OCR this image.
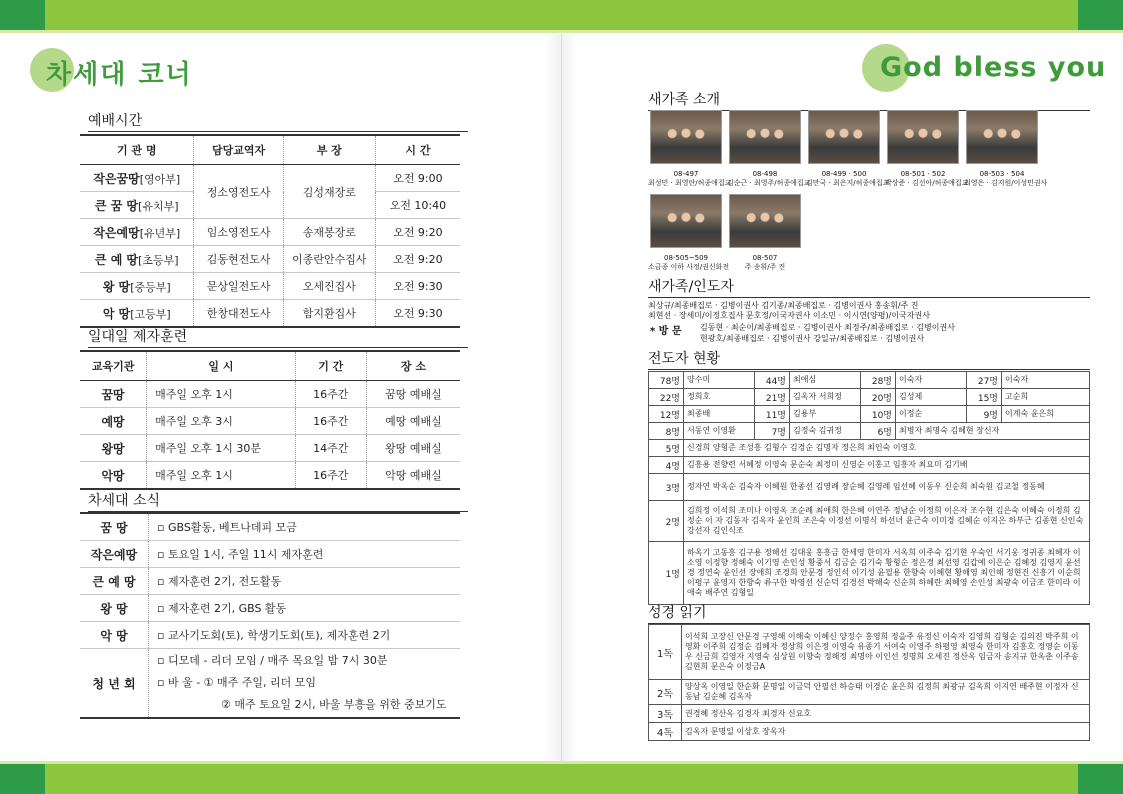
차세대 코너	God bless you
예배시간
기 관 명	담당교역자	부 장	시 간
작은꿈땅[영아부]	정소영전도사	김성재장로	오전 9:00
큰 꿈 땅[유치부]			오전 10:40
작은예땅[유년부]	임소영전도사	송재봉장로	오전 9:20
큰 예 땅[초등부]	김동현전도사	이종란안수집사	오전 9:20
왕 땅[중등부]	문상일전도사	오세진집사	오전 9:30
악 땅[고등부]	한창대전도사	함지환집사	오전 9:30
일대일 제자훈련
교육기관	일 시	기 간	장 소
꿈땅	매주일 오후 1시	16주간	꿈땅 예배실
예땅	매주일 오후 3시	16주간	예땅 예배실
왕땅	매주일 오후 1시 30분	14주간	왕땅 예배실
악땅	매주일 오후 1시	16주간	악땅 예배실
차세대 소식
꿈 땅	▫ GBS활동, 베트나데피 모금
작은예땅	▫ 토요일 1시, 주일 11시 제자훈련
큰 예 땅	▫ 제자훈련 2기, 전도활동
왕 땅	▫ 제자훈련 2기, GBS 활동
악 땅	▫ 교사기도회(토), 학생기도회(토), 제자훈련 2기
청 년 회	▫ 디모데 - 리더 모임 / 매주 목요일 밤 7시 30분
▫ 바 울 - ① 매주 주일, 리더 모임
② 매주 토요일 2시, 바울 부흥을 위한 중보기도
새가족 소개
08-497
최성민 · 최영란/허종애집교
08-498
김순근 · 최영주/허종애집교
08-499 · 500
김만국 · 최은지/허종애집교
08-501 · 502
박상준 · 김선아/허종애집교
08-503 · 504
최영은 · 김지원/이성민권사
08-505~509
소금종 이하 사정/권신화전
08-507
주 송휘/주 진
새가족/인도자
최상규/최종배집로 · 김병이권사 김기종/최종배집로 · 김병이권사 홍송휘/주 진
최현선 · 장세미/이정호집사 문호정/이국자권사 이소민 · 이시연(양평)/이국자권사
* 방 문 김동현 · 최순이/최종배집로 · 김병이권사 최정주/최종배집로 · 김병이권사
현광호/최종배집로 · 김병이권사 강일규/최종배집로 · 김병이권사
전도자 현황
78명	양수미	44명	최애심	28명	이숙자	27명	이숙자
22명	정희호	21명	김옥자 서희정	20명	김성제	15명	고순희
12명	최종배	11명	김용부	10명	이정순	9명	이계숙 윤은희
8명	서동연 이영환	7명	김정숙 김귀정	6명	최병자 최명숙 김혜현 장신자		
5명	신경희 양형준 조성흥 김형수 김경순 김명자 정은희 최인숙 이영호						
4명	김흥용 전향련 서혜정 이영숙 문순숙 최정미 신영순 이홍고 임흥자 최요미 김기배						
3명	정자연 박옥순 김숙자 이혜원 한종선 김영례 장순혜 김영례 임선혜 이동우 신순희 최숙원 김교철 정동혜						
2명	김희정 이석희 조미나 이영옥 조순례 최애희 한은혜 이연주 정남순 이정희 이은자 조수현 김은숙 이혜숙 이정희 김정순 이 자 김동자 김옥자 윤인희 조은숙 이정선 이명식 하선녀 윤근숙 이미경 김혜순 이지은 하부근 김종현 신인숙 강선자 김인식조						
1명	하옥기 고동흥 김구용 정해선 김대웅 홍흥금 한세영 한미자 서옥희 이주숙 김기현 우숙인 서기웅 정귀종 최혜자 이소영 이정향 정혜숙 이기영 손인성 황중서 김금순 김기숙 황형순 정은경 최선영 김갑예 이은순 김혜정 김영지 윤선경 정연숙 윤인선 장애희 조경희 안문경 정인석 이기성 윤필용 한향숙 이혜현 황해영 최인해 정현진 신흥기 이순희 이평구 윤영지 한향숙 류구한 박영선 신순덕 김경선 박해숙 신순희 하혜란 최혜영 손인성 최광숙 이금조 한미라 이애숙 배주연 김형일						
성경 읽기
1독	이석희 고장신 안문경 구영해 이해숙 이혜신 양정수 홍영희 정을주 유정신 이숙자 김영희 김형순 김의진 박주희 이영화 이주희 김정순 김혜자 정상희 이은정 이영숙 유종기 서여숙 이영주 하평영 최영숙 한미자 김흥호 정영순 이동우 신금희 김영자 지영숙 심상원 이향숙 정해정 최명아 이인선 정명희 오세진 정산옥 임금자 송지규 한옥춘 이주송 김현희 문은숙 이정금A
2독	양상옥 이영일 한순화 문명일 이금덕 안필선 하승태 이경순 윤은희 김정희 최광규 김옥희 이지연 배주현 이정자 신동남 김순혜 김옥자
3독	권경혜 정산옥 김경자 최경자 신요호
4독	김옥자 문명일 이상호 장옥자
